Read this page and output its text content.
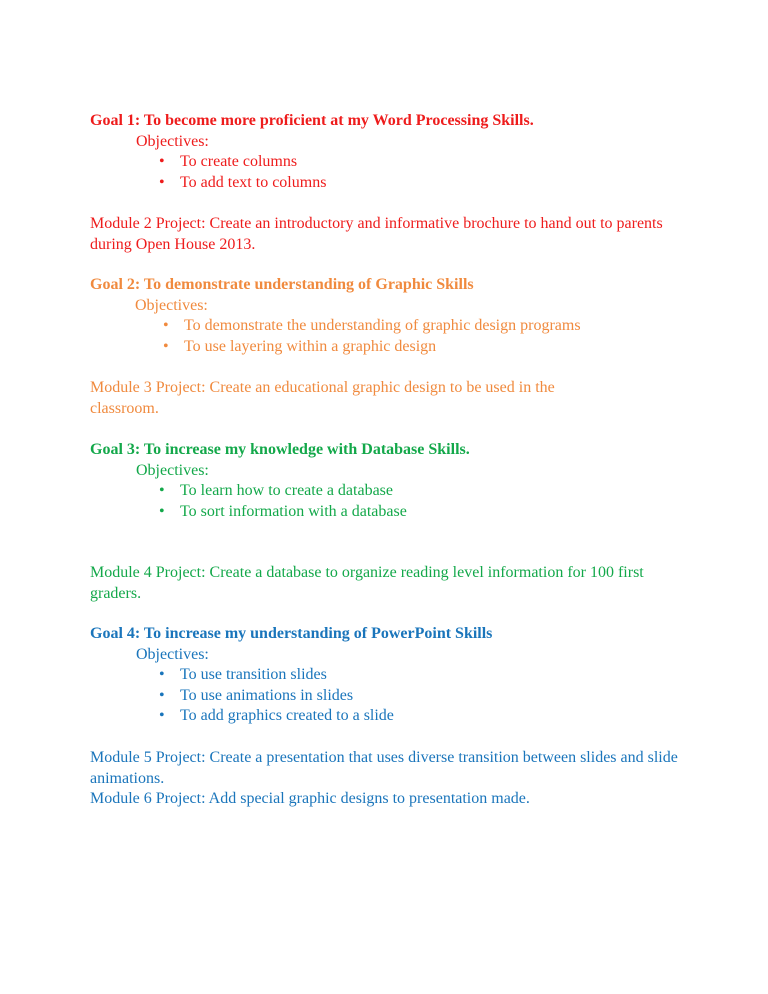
Goal 1: To become more proficient at my Word Processing Skills.

Objectives:

• To create columns
• To add text to columns

Module 2 Project: Create an introductory and informative brochure to hand out to parents during Open House 2013.

Goal 2: To demonstrate understanding of Graphic Skills

Objectives:

• To demonstrate the understanding of graphic design programs
• To use layering within a graphic design

Module 3 Project: Create an educational graphic design to be used in the classroom.

Goal 3: To increase my knowledge with Database Skills.

Objectives:

• To learn how to create a database
• To sort information with a database

Module 4 Project: Create a database to organize reading level information for 100 first graders.

Goal 4: To increase my understanding of PowerPoint Skills

Objectives:

• To use transition slides
• To use animations in slides
• To add graphics created to a slide

Module 5 Project: Create a presentation that uses diverse transition between slides and slide animations.

Module 6 Project: Add special graphic designs to presentation made.
